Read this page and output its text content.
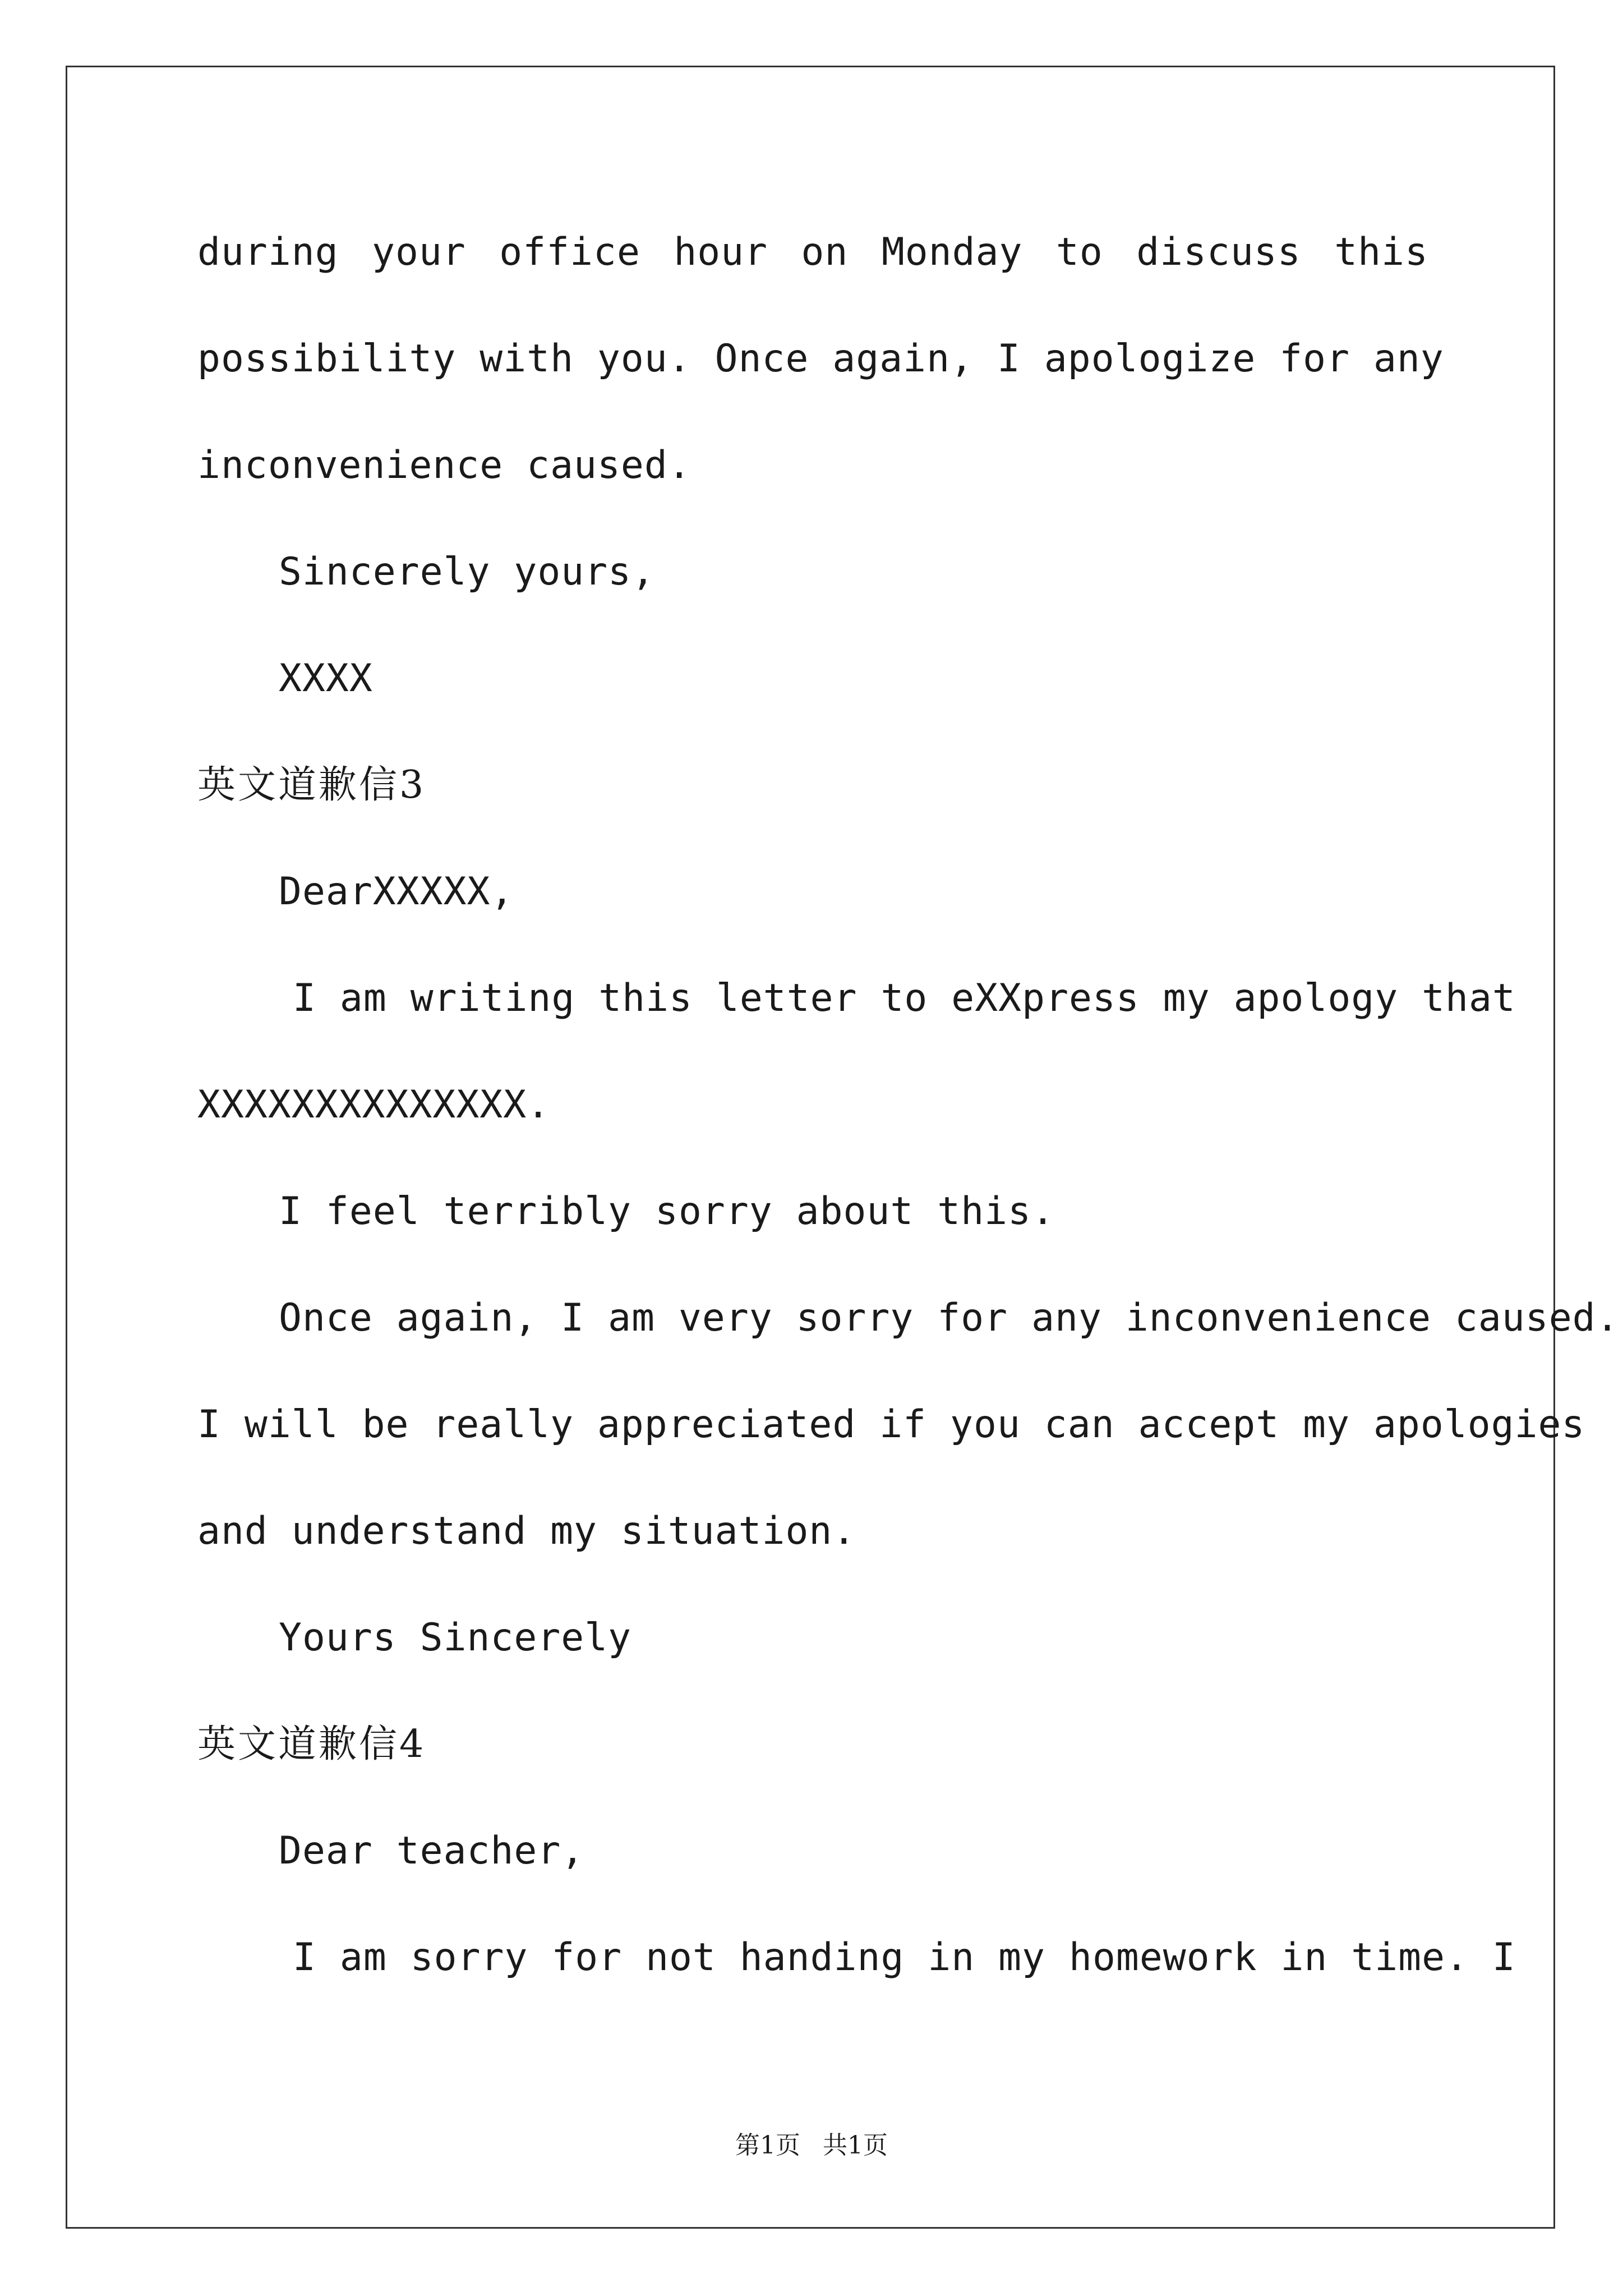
during your office hour on Monday to discuss this
possibility with you. Once again, I apologize for any
inconvenience caused.
Sincerely yours,
XXXX
英文道歉信3
DearXXXXX,
I am writing this letter to eXXpress my apology that
XXXXXXXXXXXXXX.
I feel terribly sorry about this.
Once again, I am very sorry for any inconvenience caused.
I will be really appreciated if you can accept my apologies
and understand my situation.
Yours Sincerely
英文道歉信4
Dear teacher,
I am sorry for not handing in my homework in time. I
第1页 共1页
